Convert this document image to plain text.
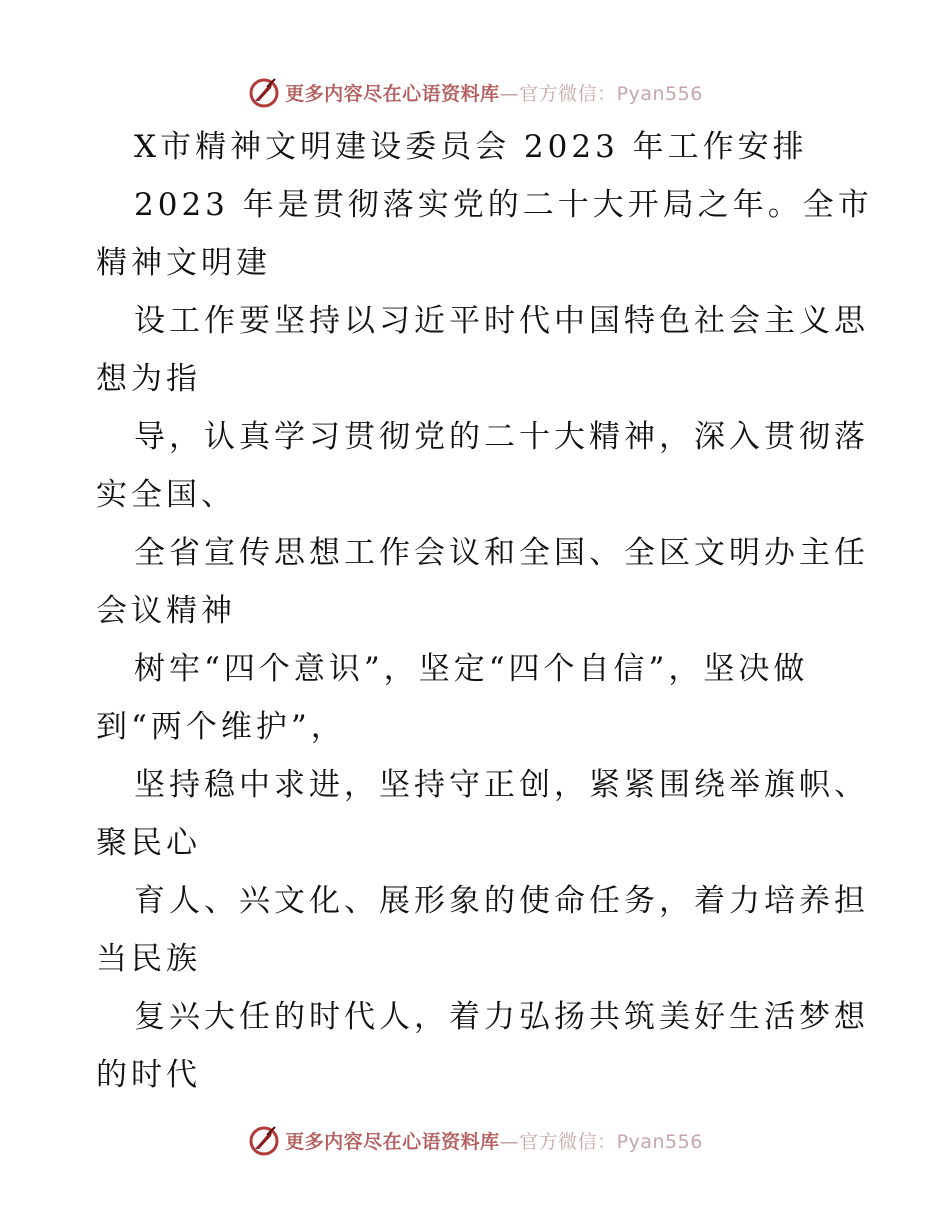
更多内容尽在心语资料库—官方微信：Pyan556
X市精神文明建设委员会 2023 年工作安排
2023 年是贯彻落实党的二十大开局之年。全市
精神文明建
设工作要坚持以习近平时代中国特色社会主义思
想为指
导，认真学习贯彻党的二十大精神，深入贯彻落
实全国、
全省宣传思想工作会议和全国、全区文明办主任
会议精神
树牢“四个意识”，坚定“四个自信”，坚决做
到“两个维护”，
坚持稳中求进，坚持守正创，紧紧围绕举旗帜、
聚民心
育人、兴文化、展形象的使命任务，着力培养担
当民族
复兴大任的时代人，着力弘扬共筑美好生活梦想
的时代
更多内容尽在心语资料库—官方微信：Pyan556
